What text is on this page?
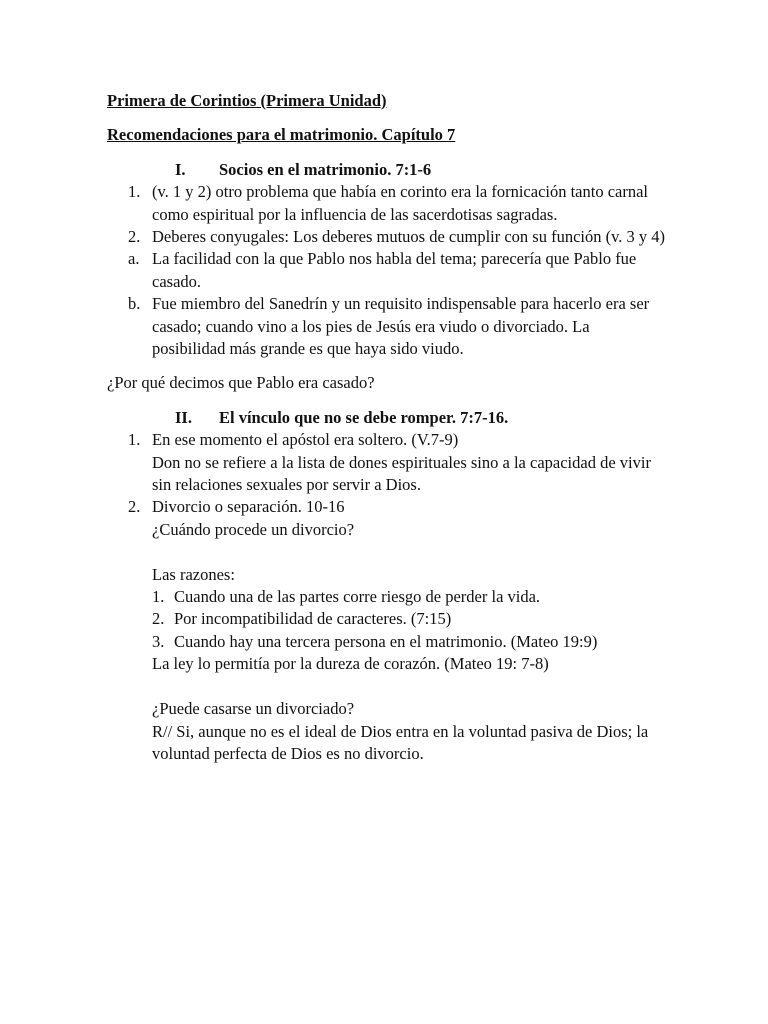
Primera de Corintios (Primera Unidad)

Recomendaciones para el matrimonio. Capítulo 7

I. Socios en el matrimonio. 7:1-6
1. (v. 1 y 2) otro problema que había en corinto era la fornicación tanto carnal como espiritual por la influencia de las sacerdotisas sagradas.
2. Deberes conyugales: Los deberes mutuos de cumplir con su función (v. 3 y 4)
a. La facilidad con la que Pablo nos habla del tema; parecería que Pablo fue casado.
b. Fue miembro del Sanedrín y un requisito indispensable para hacerlo era ser casado; cuando vino a los pies de Jesús era viudo o divorciado. La posibilidad más grande es que haya sido viudo.
¿Por qué decimos que Pablo era casado?
II. El vínculo que no se debe romper. 7:7-16.
1. En ese momento el apóstol era soltero. (V.7-9)
Don no se refiere a la lista de dones espirituales sino a la capacidad de vivir sin relaciones sexuales por servir a Dios.
2. Divorcio o separación. 10-16
¿Cuándo procede un divorcio?
Las razones:
1. Cuando una de las partes corre riesgo de perder la vida.
2. Por incompatibilidad de caracteres. (7:15)
3. Cuando hay una tercera persona en el matrimonio. (Mateo 19:9)
La ley lo permitía por la dureza de corazón. (Mateo 19: 7-8)
¿Puede casarse un divorciado?
R// Si, aunque no es el ideal de Dios entra en la voluntad pasiva de Dios; la voluntad perfecta de Dios es no divorcio.
